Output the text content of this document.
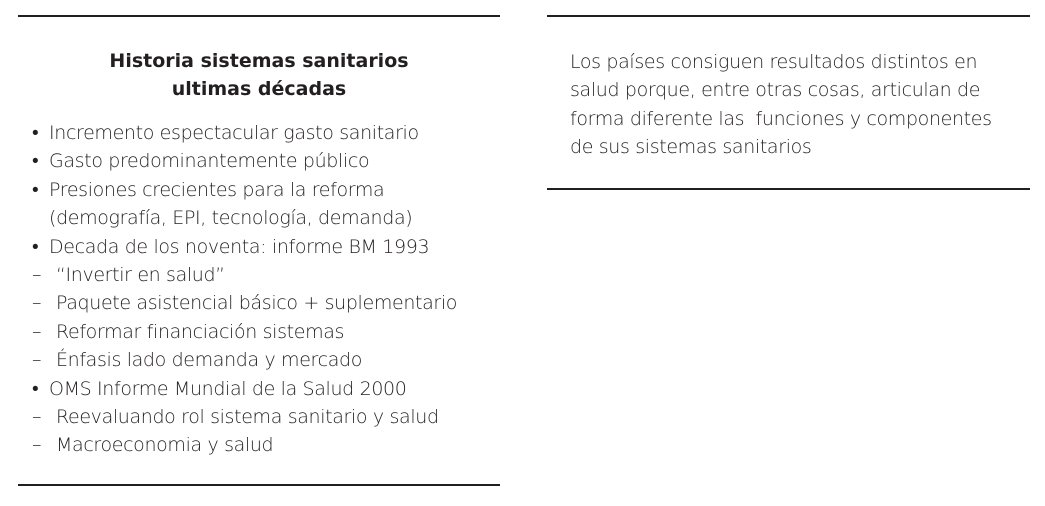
Historia sistemas sanitarios
ultimas décadas
• Incremento espectacular gasto sanitario
• Gasto predominantemente público
• Presiones crecientes para la reforma
(demografía, EPI, tecnología, demanda)
• Decada de los noventa: informe BM 1993
– “Invertir en salud”
– Paquete asistencial básico + suplementario
– Reformar financiación sistemas
– Énfasis lado demanda y mercado
• OMS Informe Mundial de la Salud 2000
– Reevaluando rol sistema sanitario y salud
– Macroeconomia y salud
Los países consiguen resultados distintos en
salud porque, entre otras cosas, articulan de
forma diferente las  funciones y componentes
de sus sistemas sanitarios
